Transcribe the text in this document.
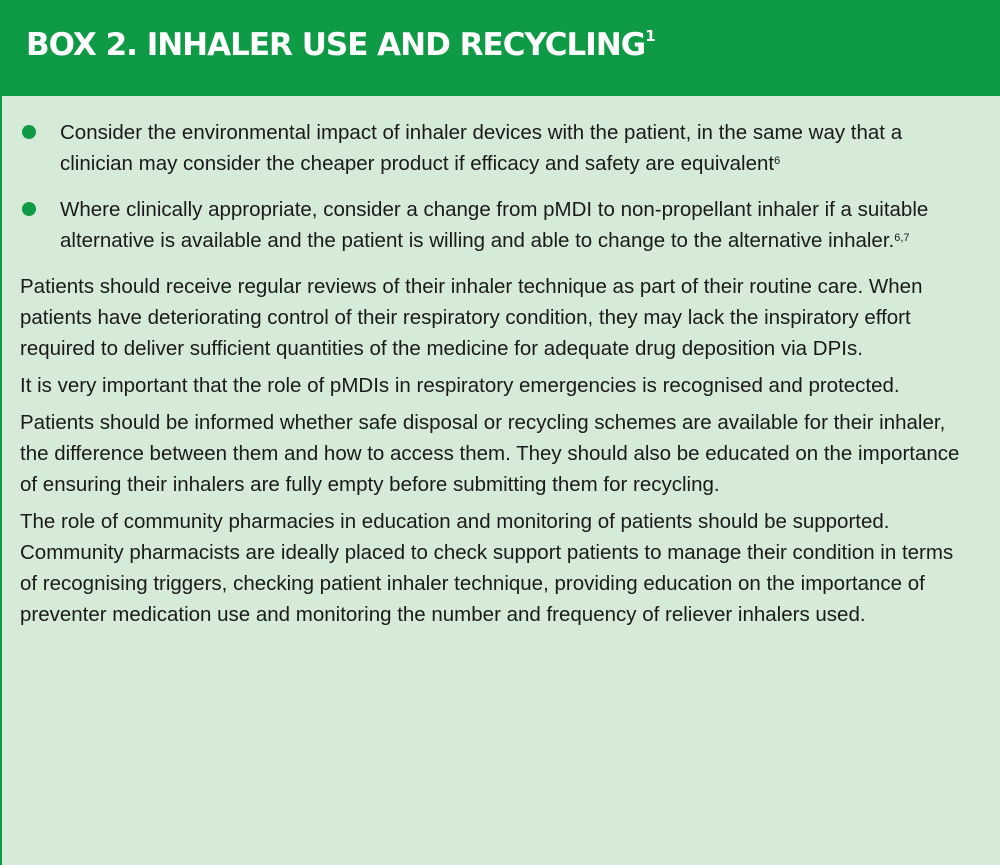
BOX 2. INHALER USE AND RECYCLING$^1$
Consider the environmental impact of inhaler devices with the patient, in the same way that a clinician may consider the cheaper product if efficacy and safety are equivalent$^6$
Where clinically appropriate, consider a change from pMDI to non-propellant inhaler if a suitable alternative is available and the patient is willing and able to change to the alternative inhaler.$^{6,7}$

Patients should receive regular reviews of their inhaler technique as part of their routine care. When patients have deteriorating control of their respiratory condition, they may lack the inspiratory effort required to deliver sufficient quantities of the medicine for adequate drug deposition via DPIs.

It is very important that the role of pMDIs in respiratory emergencies is recognised and protected.

Patients should be informed whether safe disposal or recycling schemes are available for their inhaler, the difference between them and how to access them. They should also be educated on the importance of ensuring their inhalers are fully empty before submitting them for recycling.

The role of community pharmacies in education and monitoring of patients should be supported. Community pharmacists are ideally placed to check support patients to manage their condition in terms of recognising triggers, checking patient inhaler technique, providing education on the importance of preventer medication use and monitoring the number and frequency of reliever inhalers used.
